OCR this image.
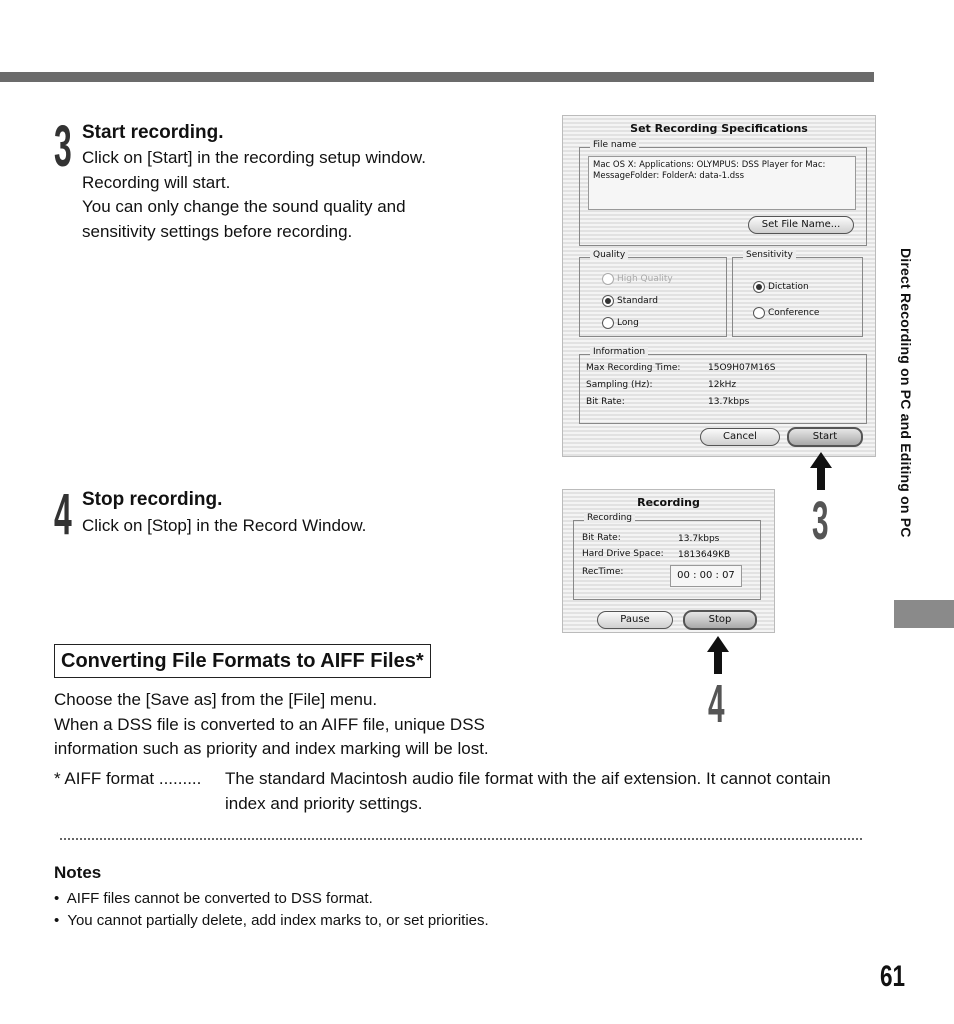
Direct Recording on PC and Editing on PC
61
3 Start recording.
Click on [Start] in the recording setup window.
Recording will start.
You can only change the sound quality and
sensitivity settings before recording.
4 Stop recording.
Click on [Stop] in the Record Window.
Converting File Formats to AIFF Files*
Choose the [Save as] from the [File] menu.
When a DSS file is converted to an AIFF file, unique DSS
information such as priority and index marking will be lost.
* AIFF format ......... The standard Macintosh audio file format with the aif extension. It cannot contain index and priority settings.
Notes
•  AIFF files cannot be converted to DSS format.
•  You cannot partially delete, add index marks to, or set priorities.
Set Recording Specifications
File name
Mac OS X: Applications: OLYMPUS: DSS Player for Mac:
MessageFolder: FolderA: data-1.dss
Set File Name...
Quality
High Quality
Standard
Long
Sensitivity
Dictation
Conference
Information
Max Recording Time:	15O9H07M16S
Sampling (Hz):	12kHz
Bit Rate:	13.7kbps
Cancel	Start
Recording
Recording
Bit Rate:	13.7kbps
Hard Drive Space: 1813649KB
RecTime:	00 : 00 : 07
Pause	Stop
3
4
